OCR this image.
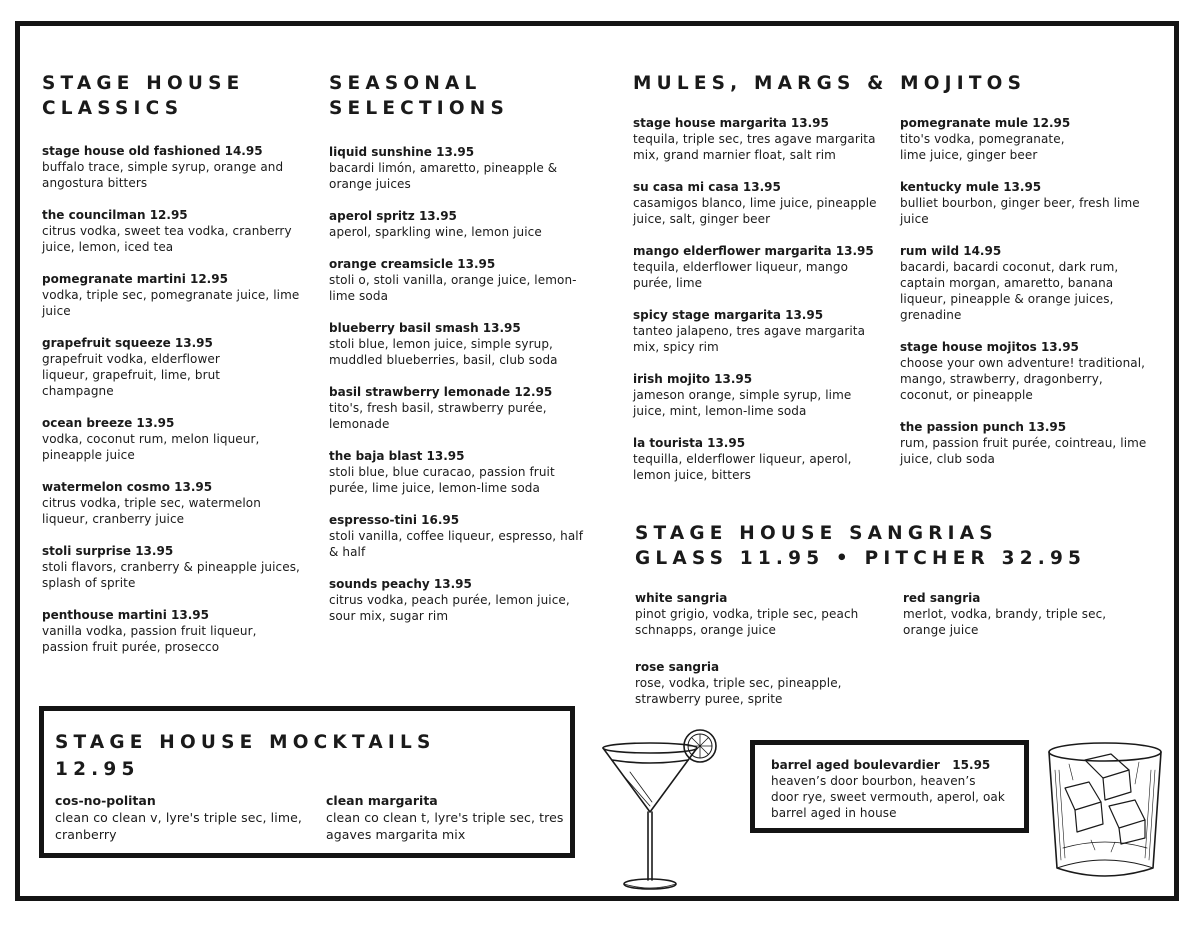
STAGE HOUSE
CLASSICS
stage house old fashioned 14.95
buffalo trace, simple syrup, orange and angostura bitters
the councilman 12.95
citrus vodka, sweet tea vodka, cranberry juice, lemon, iced tea
pomegranate martini 12.95
vodka, triple sec, pomegranate juice, lime juice
grapefruit squeeze 13.95
grapefruit vodka, elderflower liqueur, grapefruit, lime, brut champagne
ocean breeze 13.95
vodka, coconut rum, melon liqueur, pineapple juice
watermelon cosmo 13.95
citrus vodka, triple sec, watermelon liqueur, cranberry juice
stoli surprise 13.95
stoli flavors, cranberry & pineapple juices, splash of sprite
penthouse martini 13.95
vanilla vodka, passion fruit liqueur, passion fruit purée, prosecco
SEASONAL
SELECTIONS
liquid sunshine 13.95
bacardi limón, amaretto, pineapple & orange juices
aperol spritz 13.95
aperol, sparkling wine, lemon juice
orange creamsicle 13.95
stoli o, stoli vanilla, orange juice, lemon-lime soda
blueberry basil smash 13.95
stoli blue, lemon juice, simple syrup, muddled blueberries, basil, club soda
basil strawberry lemonade 12.95
tito's, fresh basil, strawberry purée, lemonade
the baja blast 13.95
stoli blue, blue curacao, passion fruit purée, lime juice, lemon-lime soda
espresso-tini 16.95
stoli vanilla, coffee liqueur, espresso, half & half
sounds peachy 13.95
citrus vodka, peach purée, lemon juice, sour mix, sugar rim
MULES, MARGS & MOJITOS
stage house margarita 13.95
tequila, triple sec, tres agave margarita mix, grand marnier float, salt rim
su casa mi casa 13.95
casamigos blanco, lime juice, pineapple juice, salt, ginger beer
mango elderflower margarita 13.95
tequila, elderflower liqueur, mango purée, lime
spicy stage margarita 13.95
tanteo jalapeno, tres agave margarita mix, spicy rim
irish mojito 13.95
jameson orange, simple syrup, lime juice, mint, lemon-lime soda
la tourista 13.95
tequilla, elderflower liqueur, aperol, lemon juice, bitters
pomegranate mule 12.95
tito's vodka, pomegranate, lime juice, ginger beer
kentucky mule 13.95
bulliet bourbon, ginger beer, fresh lime juice
rum wild 14.95
bacardi, bacardi coconut, dark rum, captain morgan, amaretto, banana liqueur, pineapple & orange juices, grenadine
stage house mojitos 13.95
choose your own adventure! traditional, mango, strawberry, dragonberry, coconut, or pineapple
the passion punch 13.95
rum, passion fruit purée, cointreau, lime juice, club soda
STAGE HOUSE SANGRIAS
GLASS 11.95 • PITCHER 32.95
white sangria
pinot grigio, vodka, triple sec, peach schnapps, orange juice
rose sangria
rose, vodka, triple sec, pineapple, strawberry puree, sprite
red sangria
merlot, vodka, brandy, triple sec, orange juice
STAGE HOUSE MOCKTAILS
12.95
cos-no-politan
clean co clean v, lyre's triple sec, lime, cranberry
clean margarita
clean co clean t, lyre's triple sec, tres agaves margarita mix
barrel aged boulevardier   15.95
heaven’s door bourbon, heaven’s door rye, sweet vermouth, aperol, oak barrel aged in house
